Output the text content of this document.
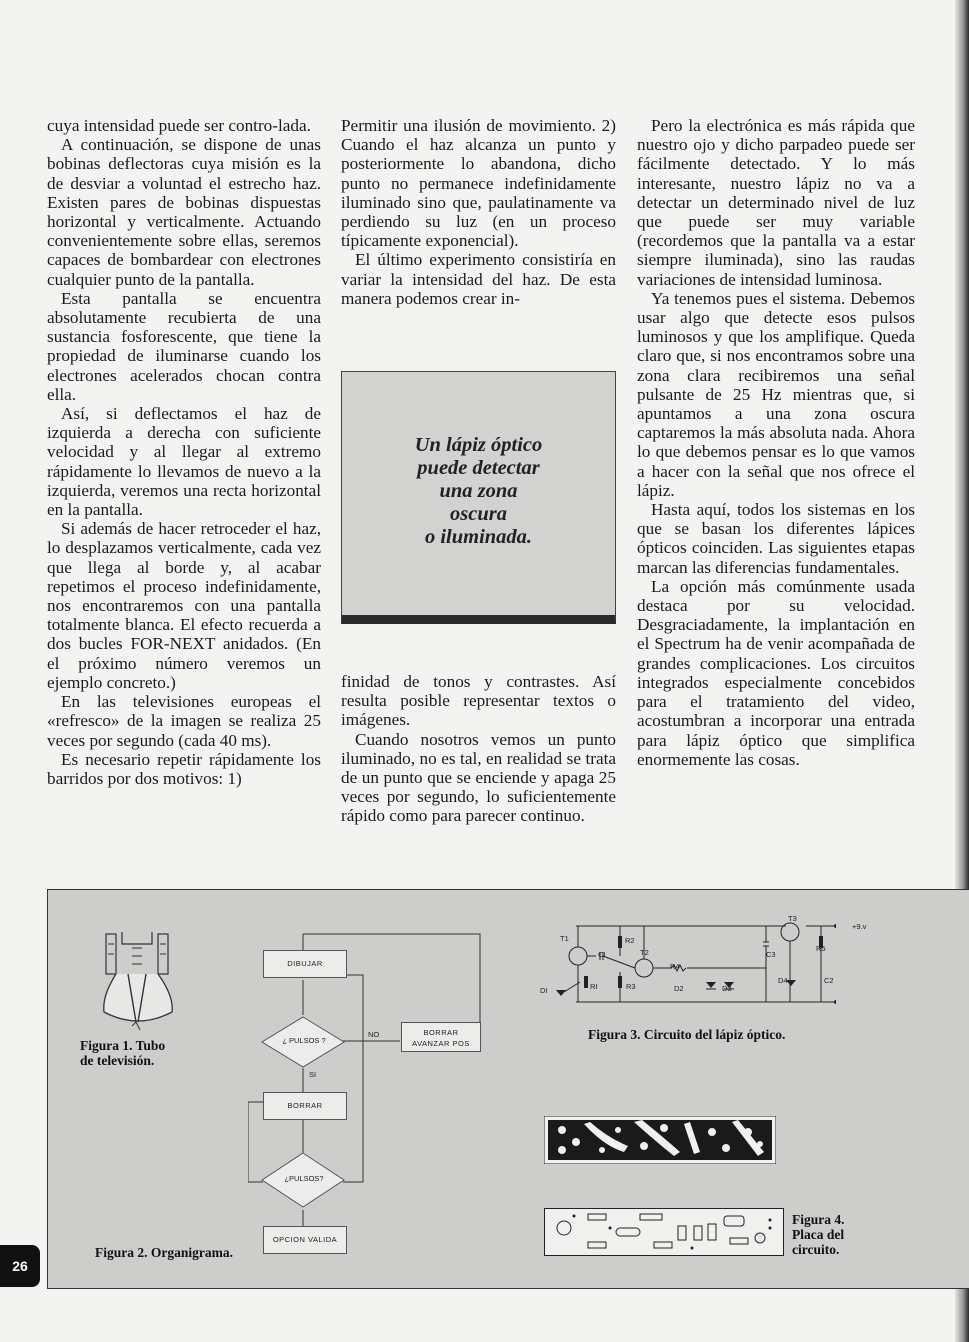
cuya intensidad puede ser contro-lada.

A continuación, se dispone de unas bobinas deflectoras cuya misión es la de desviar a voluntad el estrecho haz. Existen pares de bobinas dispuestas horizontal y verticalmente. Actuando convenientemente sobre ellas, seremos capaces de bombardear con electrones cualquier punto de la pantalla.

Esta pantalla se encuentra absolutamente recubierta de una sustancia fosforescente, que tiene la propiedad de iluminarse cuando los electrones acelerados chocan contra ella.

Así, si deflectamos el haz de izquierda a derecha con suficiente velocidad y al llegar al extremo rápidamente lo llevamos de nuevo a la izquierda, veremos una recta horizontal en la pantalla.

Si además de hacer retroceder el haz, lo desplazamos verticalmente, cada vez que llega al borde y, al acabar repetimos el proceso indefinidamente, nos encontraremos con una pantalla totalmente blanca. El efecto recuerda a dos bucles FOR-NEXT anidados. (En el próximo número veremos un ejemplo concreto.)

En las televisiones europeas el «refresco» de la imagen se realiza 25 veces por segundo (cada 40 ms).

Es necesario repetir rápidamente los barridos por dos motivos: 1)

Permitir una ilusión de movimiento. 2) Cuando el haz alcanza un punto y posteriormente lo abandona, dicho punto no permanece indefinidamente iluminado sino que, paulatinamente va perdiendo su luz (en un proceso típicamente exponencial).

El último experimento consistiría en variar la intensidad del haz. De esta manera podemos crear in-

Un lápiz óptico
puede detectar
una zona
oscura
o iluminada.

finidad de tonos y contrastes. Así resulta posible representar textos o imágenes.

Cuando nosotros vemos un punto iluminado, no es tal, en realidad se trata de un punto que se enciende y apaga 25 veces por segundo, lo suficientemente rápido como para parecer continuo.

Pero la electrónica es más rápida que nuestro ojo y dicho parpadeo puede ser fácilmente detectado. Y lo más interesante, nuestro lápiz no va a detectar un determinado nivel de luz que puede ser muy variable (recordemos que la pantalla va a estar siempre iluminada), sino las raudas variaciones de intensidad luminosa.

Ya tenemos pues el sistema. Debemos usar algo que detecte esos pulsos luminosos y que los amplifique. Queda claro que, si nos encontramos sobre una zona clara recibiremos una señal pulsante de 25 Hz mientras que, si apuntamos a una zona oscura captaremos la más absoluta nada. Ahora lo que debemos pensar es lo que vamos a hacer con la señal que nos ofrece el lápiz.

Hasta aquí, todos los sistemas en los que se basan los diferentes lápices ópticos coinciden. Las siguientes etapas marcan las diferencias fundamentales.

La opción más comúnmente usada destaca por su velocidad. Desgraciadamente, la implantación en el Spectrum ha de venir acompañada de grandes complicaciones. Los circuitos integrados especialmente concebidos para el tratamiento del video, acostumbran a incorporar una entrada para lápiz óptico que simplifica enormemente las cosas.

Figura 1. Tubo
de televisión.
DIBUJAR
¿ PULSOS ?
NO	BORRAR
AVANZAR POS
SI
BORRAR
¿PULSOS?
OPCION VALIDA
Figura 2. Organigrama.
T1	R2
T2
CI
R4
C3
T3
R5
D4	C2
DI	RI	R3	D2	D3
+9.v
Figura 3. Circuito del lápiz óptico.
Figura 4.
Placa del
circuito.
26
